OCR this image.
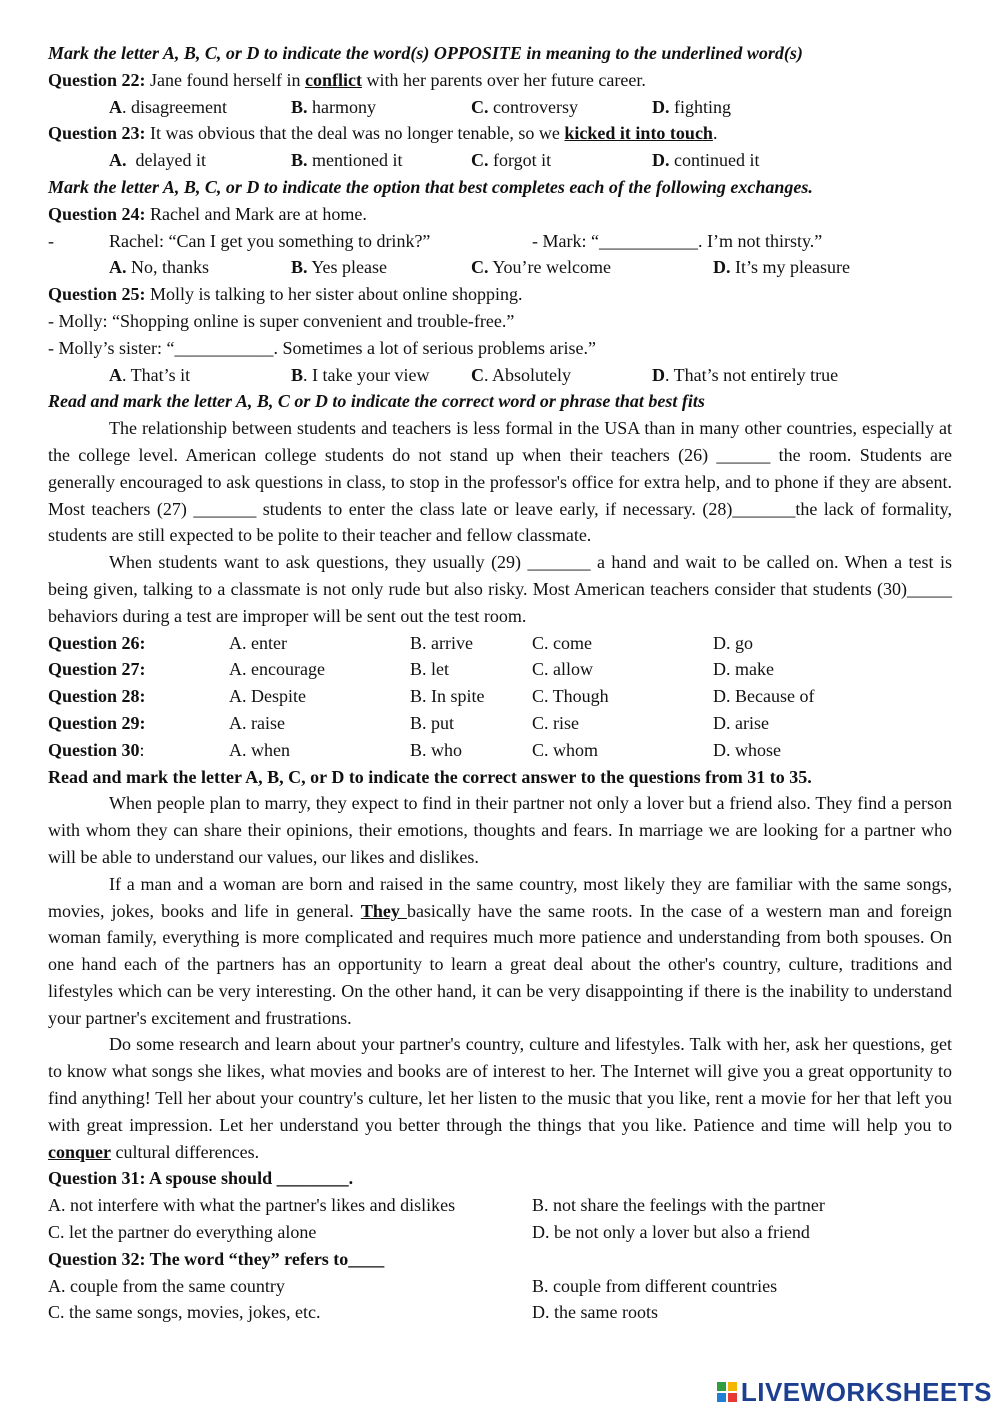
Mark the letter A, B, C, or D to indicate the word(s) OPPOSITE in meaning to the underlined word(s)
Question 22: Jane found herself in conflict with her parents over her future career.
A. disagreement	B. harmony	C. controversy	D. fighting
Question 23: It was obvious that the deal was no longer tenable, so we kicked it into touch.
A.  delayed it	B. mentioned it	C. forgot it	D. continued it
Mark the letter A, B, C, or D to indicate the option that best completes each of the following exchanges.
Question 24: Rachel and Mark are at home.
-	Rachel: “Can I get you something to drink?”	- Mark: “___________. I’m not thirsty.”
A. No, thanks	B. Yes please	C. You’re welcome	D. It’s my pleasure
Question 25: Molly is talking to her sister about online shopping.
- Molly: “Shopping online is super convenient and trouble-free.”
- Molly’s sister: “___________. Sometimes a lot of serious problems arise.”
A. That’s it	B. I take your view C. Absolutely	D. That’s not entirely true
Read and mark the letter A, B, C or D to indicate the correct word or phrase that best fits
The relationship between students and teachers is less formal in the USA than in many other countries, especially at the college level. American college students do not stand up when their teachers (26) ______ the room. Students are generally encouraged to ask questions in class, to stop in the professor's office for extra help, and to phone if they are absent. Most teachers (27) _______ students to enter the class late or leave early, if necessary. (28)_______the lack of formality, students are still expected to be polite to their teacher and fellow classmate.
When students want to ask questions, they usually (29) _______ a hand and wait to be called on. When a test is being given, talking to a classmate is not only rude but also risky. Most American teachers consider that students (30)_____ behaviors during a test are improper will be sent out the test room.
Question 26:	A. enter	B. arrive	C. come	D. go
Question 27:	A. encourage	B. let	C. allow	D. make
Question 28:	A. Despite	B. In spite	C. Though	D. Because of
Question 29:	A. raise	B. put	C. rise	D. arise
Question 30:	A. when	B. who	C. whom	D. whose
Read and mark the letter A, B, C, or D to indicate the correct answer to the questions from 31 to 35.
When people plan to marry, they expect to find in their partner not only a lover but a friend also. They find a person with whom they can share their opinions, their emotions, thoughts and fears. In marriage we are looking for a partner who will be able to understand our values, our likes and dislikes.
If a man and a woman are born and raised in the same country, most likely they are familiar with the same songs, movies, jokes, books and life in general. They basically have the same roots. In the case of a western man and foreign woman family, everything is more complicated and requires much more patience and understanding from both spouses. On one hand each of the partners has an opportunity to learn a great deal about the other's country, culture, traditions and lifestyles which can be very interesting. On the other hand, it can be very disappointing if there is the inability to understand your partner's excitement and frustrations.
Do some research and learn about your partner's country, culture and lifestyles. Talk with her, ask her questions, get to know what songs she likes, what movies and books are of interest to her. The Internet will give you a great opportunity to find anything! Tell her about your country's culture, let her listen to the music that you like, rent a movie for her that left you with great impression. Let her understand you better through the things that you like. Patience and time will help you to conquer cultural differences.
Question 31: A spouse should ________.
A. not interfere with what the partner's likes and dislikes	B. not share the feelings with the partner
C. let the partner do everything alone	D. be not only a lover but also a friend
Question 32: The word “they” refers to____
A. couple from the same country	B. couple from different countries
C. the same songs, movies, jokes, etc.	D. the same roots
LIVEWORKSHEETS
